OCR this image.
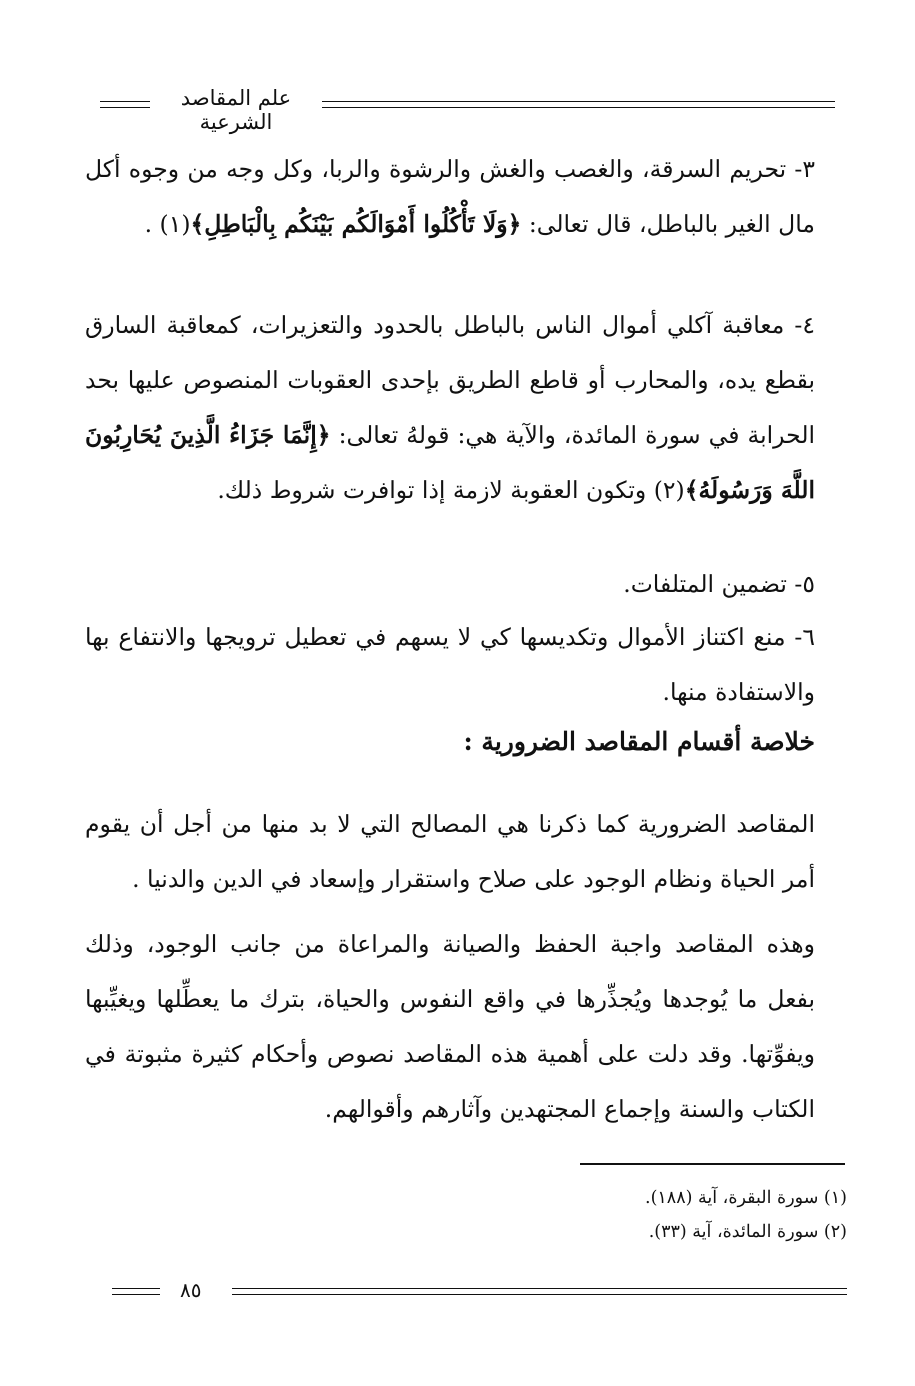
علم المقاصد الشرعية
٣- تحريم السرقة، والغصب والغش والرشوة والربا، وكل وجه من وجوه أكل مال الغير بالباطل، قال تعالى: ﴿وَلَا تَأْكُلُوا أَمْوَالَكُم بَيْنَكُم بِالْبَاطِلِ﴾(١) .
٤- معاقبة آكلي أموال الناس بالباطل بالحدود والتعزيرات، كمعاقبة السارق بقطع يده، والمحارب أو قاطع الطريق بإحدى العقوبات المنصوص عليها بحد الحرابة في سورة المائدة، والآية هي: قولهُ تعالى: ﴿إِنَّمَا جَزَاءُ الَّذِينَ يُحَارِبُونَ اللَّهَ وَرَسُولَهُ﴾(٢) وتكون العقوبة لازمة إذا توافرت شروط ذلك.
٥- تضمين المتلفات.
٦- منع اكتناز الأموال وتكديسها كي لا يسهم في تعطيل ترويجها والانتفاع بها والاستفادة منها.
خلاصة أقسام المقاصد الضرورية :
المقاصد الضرورية كما ذكرنا هي المصالح التي لا بد منها من أجل أن يقوم أمر الحياة ونظام الوجود على صلاح واستقرار وإسعاد في الدين والدنيا .
وهذه المقاصد واجبة الحفظ والصيانة والمراعاة من جانب الوجود، وذلك بفعل ما يُوجدها ويُجذِّرها في واقع النفوس والحياة، بترك ما يعطِّلها ويغيِّبها ويفوِّتها. وقد دلت على أهمية هذه المقاصد نصوص وأحكام كثيرة مثبوتة في الكتاب والسنة وإجماع المجتهدين وآثارهم وأقوالهم.
(١) سورة البقرة، آية (١٨٨).
(٢) سورة المائدة، آية (٣٣).
٨٥
